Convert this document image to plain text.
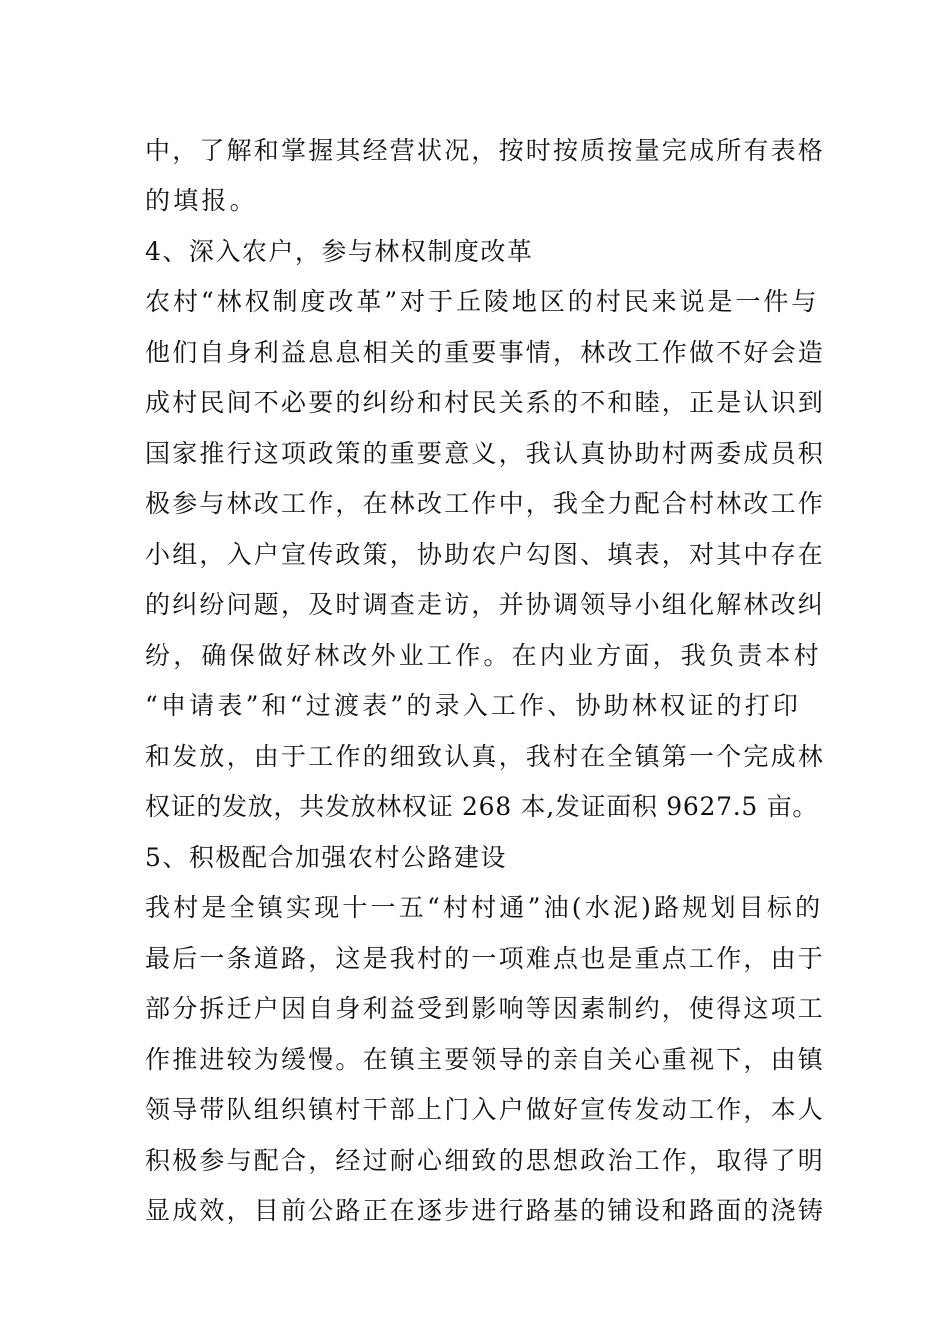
中，了解和掌握其经营状况，按时按质按量完成所有表格
的填报。
4、深入农户，参与林权制度改革
农村“林权制度改革”对于丘陵地区的村民来说是一件与
他们自身利益息息相关的重要事情，林改工作做不好会造
成村民间不必要的纠纷和村民关系的不和睦，正是认识到
国家推行这项政策的重要意义，我认真协助村两委成员积
极参与林改工作，在林改工作中，我全力配合村林改工作
小组，入户宣传政策，协助农户勾图、填表，对其中存在
的纠纷问题，及时调查走访，并协调领导小组化解林改纠
纷，确保做好林改外业工作。在内业方面，我负责本村
“申请表”和“过渡表”的录入工作、协助林权证的打印
和发放，由于工作的细致认真，我村在全镇第一个完成林
权证的发放，共发放林权证 268 本,发证面积 9627.5 亩。
5、积极配合加强农村公路建设
我村是全镇实现十一五“村村通”油(水泥)路规划目标的
最后一条道路，这是我村的一项难点也是重点工作，由于
部分拆迁户因自身利益受到影响等因素制约，使得这项工
作推进较为缓慢。在镇主要领导的亲自关心重视下，由镇
领导带队组织镇村干部上门入户做好宣传发动工作，本人
积极参与配合，经过耐心细致的思想政治工作，取得了明
显成效，目前公路正在逐步进行路基的铺设和路面的浇铸
